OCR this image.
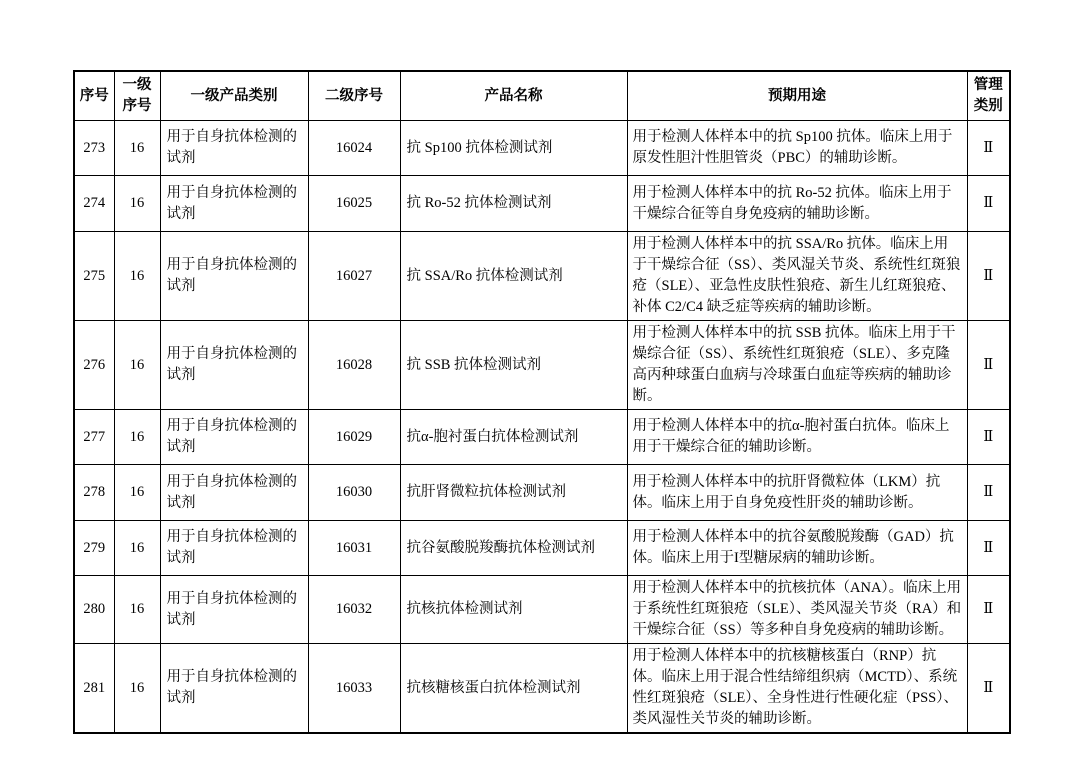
序号	一级序号	一级产品类别	二级序号	产品名称	预期用途	管理类别
273	16	用于自身抗体检测的试剂	16024	抗 Sp100 抗体检测试剂	用于检测人体样本中的抗 Sp100 抗体。临床上用于原发性胆汁性胆管炎（PBC）的辅助诊断。	Ⅱ
274	16	用于自身抗体检测的试剂	16025	抗 Ro-52 抗体检测试剂	用于检测人体样本中的抗 Ro-52 抗体。临床上用于干燥综合征等自身免疫病的辅助诊断。	Ⅱ
275	16	用于自身抗体检测的试剂	16027	抗 SSA/Ro 抗体检测试剂	用于检测人体样本中的抗 SSA/Ro 抗体。临床上用于干燥综合征（SS）、类风湿关节炎、系统性红斑狼疮（SLE）、亚急性皮肤性狼疮、新生儿红斑狼疮、补体 C2/C4 缺乏症等疾病的辅助诊断。	Ⅱ
276	16	用于自身抗体检测的试剂	16028	抗 SSB 抗体检测试剂	用于检测人体样本中的抗 SSB 抗体。临床上用于干燥综合征（SS）、系统性红斑狼疮（SLE）、多克隆高丙种球蛋白血病与冷球蛋白血症等疾病的辅助诊断。	Ⅱ
277	16	用于自身抗体检测的试剂	16029	抗α-胞衬蛋白抗体检测试剂	用于检测人体样本中的抗α-胞衬蛋白抗体。临床上用于干燥综合征的辅助诊断。	Ⅱ
278	16	用于自身抗体检测的试剂	16030	抗肝肾微粒抗体检测试剂	用于检测人体样本中的抗肝肾微粒体（LKM）抗体。临床上用于自身免疫性肝炎的辅助诊断。	Ⅱ
279	16	用于自身抗体检测的试剂	16031	抗谷氨酸脱羧酶抗体检测试剂	用于检测人体样本中的抗谷氨酸脱羧酶（GAD）抗体。临床上用于I型糖尿病的辅助诊断。	Ⅱ
280	16	用于自身抗体检测的试剂	16032	抗核抗体检测试剂	用于检测人体样本中的抗核抗体（ANA）。临床上用于系统性红斑狼疮（SLE）、类风湿关节炎（RA）和干燥综合征（SS）等多种自身免疫病的辅助诊断。	Ⅱ
281	16	用于自身抗体检测的试剂	16033	抗核糖核蛋白抗体检测试剂	用于检测人体样本中的抗核糖核蛋白（RNP）抗体。临床上用于混合性结缔组织病（MCTD）、系统性红斑狼疮（SLE）、全身性进行性硬化症（PSS）、类风湿性关节炎的辅助诊断。	Ⅱ
